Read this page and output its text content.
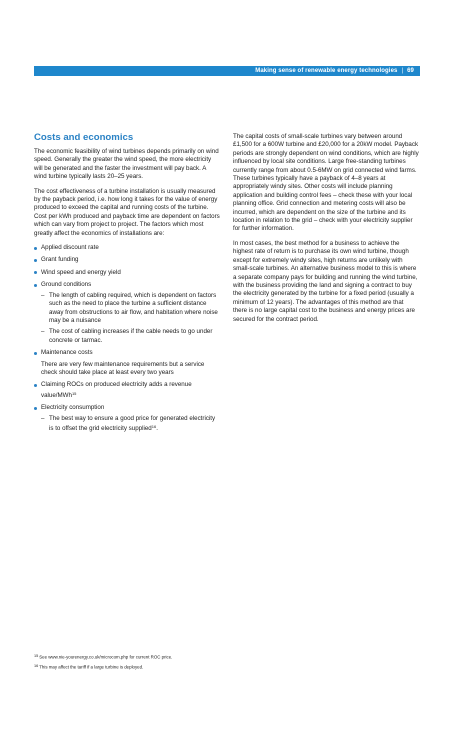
Making sense of renewable energy technologies | 69
Costs and economics

The economic feasibility of wind turbines depends primarily on wind speed. Generally the greater the wind speed, the more electricity will be generated and the faster the investment will pay back. A wind turbine typically lasts 20–25 years.

The cost effectiveness of a turbine installation is usually measured by the payback period, i.e. how long it takes for the value of energy produced to exceed the capital and running costs of the turbine. Cost per kWh produced and payback time are dependent on factors which can vary from project to project. The factors which most greatly affect the economics of installations are:

Applied discount rate
Grant funding
Wind speed and energy yield
Ground conditions
– The length of cabling required, which is dependent on factors such as the need to place the turbine a sufficient distance away from obstructions to air flow, and habitation where noise may be a nuisance
– The cost of cabling increases if the cable needs to go under concrete or tarmac.
Maintenance costs
There are very few maintenance requirements but a service check should take place at least every two years
Claiming ROCs on produced electricity adds a revenue value/MWh$^{15}$
Electricity consumption
– The best way to ensure a good price for generated electricity is to offset the grid electricity supplied$^{16}$.

The capital costs of small-scale turbines vary between around £1,500 for a 600W turbine and £20,000 for a 20kW model. Payback periods are strongly dependent on wind conditions, which are highly influenced by local site conditions. Large free-standing turbines currently range from about 0.5-6MW on grid connected wind farms. These turbines typically have a payback of 4–8 years at appropriately windy sites. Other costs will include planning application and building control fees – check these with your local planning office. Grid connection and metering costs will also be incurred, which are dependent on the size of the turbine and its location in relation to the grid – check with your electricity supplier for further information.

In most cases, the best method for a business to achieve the highest rate of return is to purchase its own wind turbine, though except for extremely windy sites, high returns are unlikely with small-scale turbines. An alternative business model to this is where a separate company pays for building and running the wind turbine, with the business providing the land and signing a contract to buy the electricity generated by the turbine for a fixed period (usually a minimum of 12 years). The advantages of this method are that there is no large capital cost to the business and energy prices are secured for the contract period.

$^{15}$See www.nie-yourenergy.co.uk/microcom.php for current ROC price.
$^{16}$This may affect the tariff if a large turbine is deployed.
